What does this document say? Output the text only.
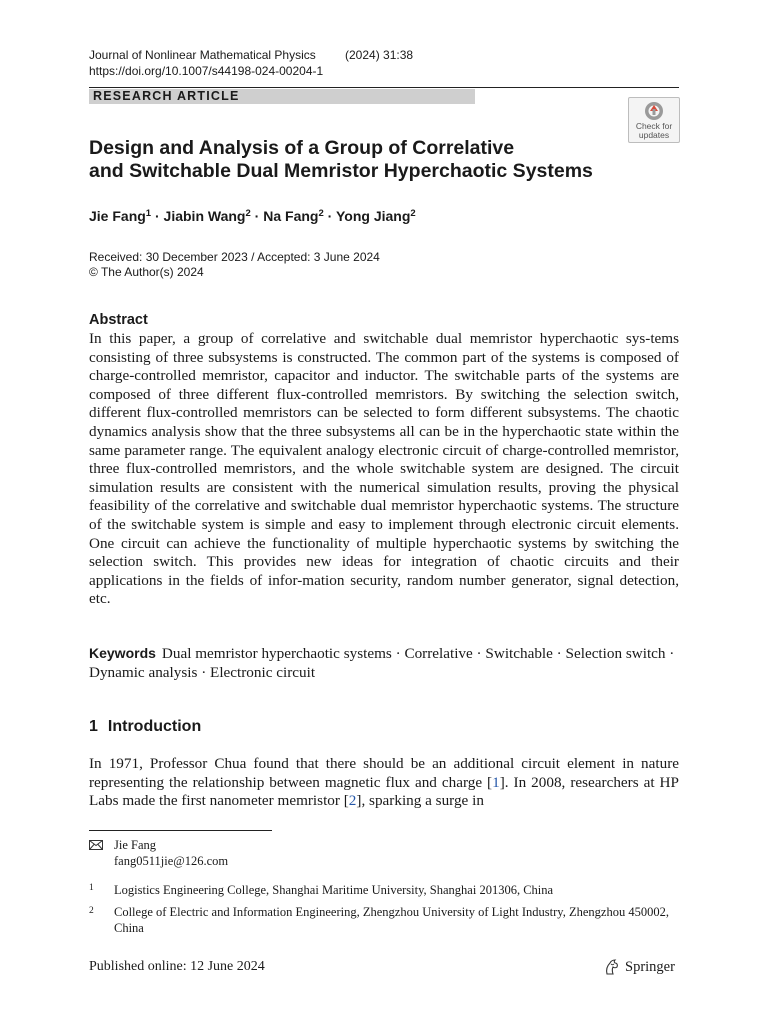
Journal of Nonlinear Mathematical Physics	(2024) 31:38
https://doi.org/10.1007/s44198-024-00204-1
RESEARCH ARTICLE
Check for
updates
Design and Analysis of a Group of Correlative
and Switchable Dual Memristor Hyperchaotic Systems
Jie Fang$^1$ · Jiabin Wang$^2$ · Na Fang$^2$ · Yong Jiang$^2$
Received: 30 December 2023 / Accepted: 3 June 2024
© The Author(s) 2024
Abstract

In this paper, a group of correlative and switchable dual memristor hyperchaotic sys-tems consisting of three subsystems is constructed. The common part of the systems is composed of charge-controlled memristor, capacitor and inductor. The switchable parts of the systems are composed of three different flux-controlled memristors. By switching the selection switch, different flux-controlled memristors can be selected to form different subsystems. The chaotic dynamics analysis show that the three subsystems all can be in the hyperchaotic state within the same parameter range. The equivalent analogy electronic circuit of charge-controlled memristor, three flux-controlled memristors, and the whole switchable system are designed. The circuit simulation results are consistent with the numerical simulation results, proving the physical feasibility of the correlative and switchable dual memristor hyperchaotic systems. The structure of the switchable system is simple and easy to implement through electronic circuit elements. One circuit can achieve the functionality of multiple hyperchaotic systems by switching the selection switch. This provides new ideas for integration of chaotic circuits and their applications in the fields of infor-mation security, random number generator, signal detection, etc.

Keywords Dual memristor hyperchaotic systems · Correlative · Switchable · Selection switch · Dynamic analysis · Electronic circuit
1 Introduction

In 1971, Professor Chua found that there should be an additional circuit element in nature representing the relationship between magnetic flux and charge [1]. In 2008, researchers at HP Labs made the first nanometer memristor [2], sparking a surge in

Jie Fang
fang0511jie@126.com
1 Logistics Engineering College, Shanghai Maritime University, Shanghai 201306, China
2 College of Electric and Information Engineering, Zhengzhou University of Light Industry, Zhengzhou 450002, China
Published online: 12 June 2024	Springer
